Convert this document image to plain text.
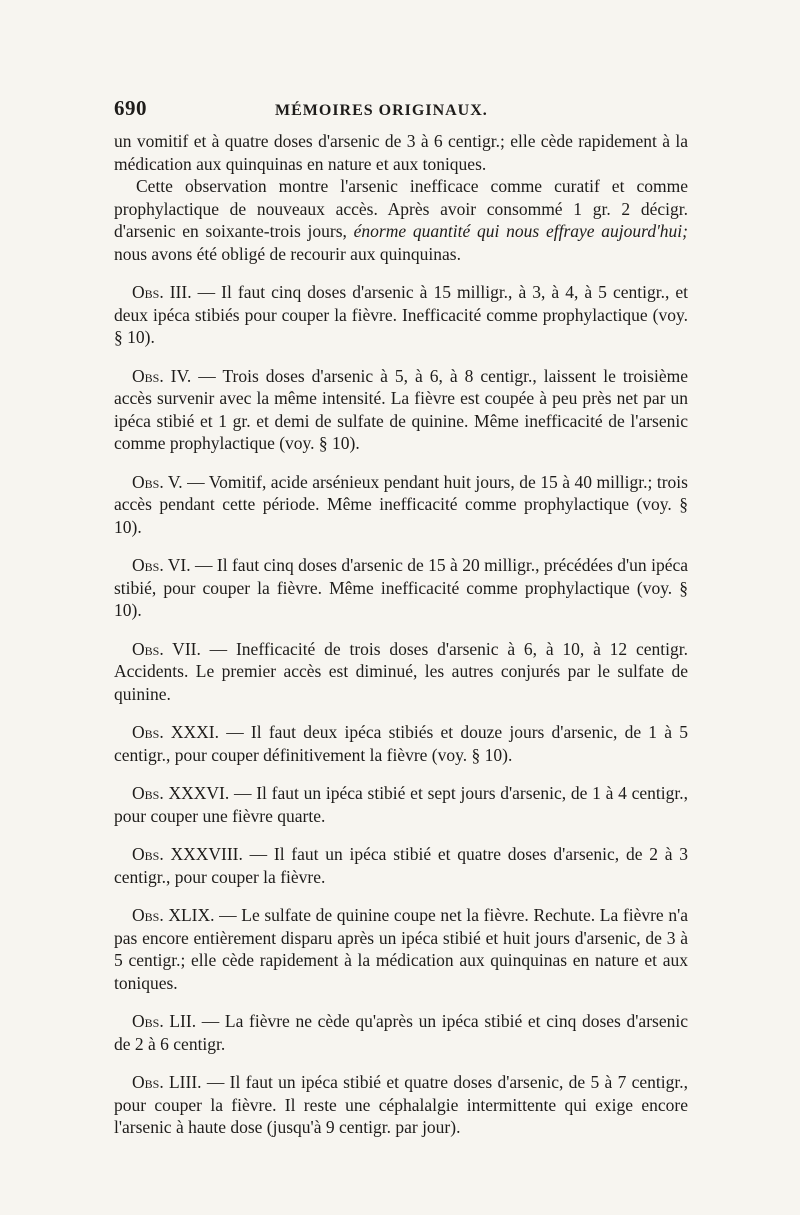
690	MÉMOIRES ORIGINAUX.

un vomitif et à quatre doses d'arsenic de 3 à 6 centigr.; elle cède rapidement à la médication aux quinquinas en nature et aux toniques.

Cette observation montre l'arsenic inefficace comme curatif et comme prophylactique de nouveaux accès. Après avoir consommé 1 gr. 2 décigr. d'arsenic en soixante-trois jours, énorme quantité qui nous effraye aujourd'hui; nous avons été obligé de recourir aux quinquinas.

Obs. III. — Il faut cinq doses d'arsenic à 15 milligr., à 3, à 4, à 5 centigr., et deux ipéca stibiés pour couper la fièvre. Inefficacité comme prophylactique (voy. § 10).

Obs. IV. — Trois doses d'arsenic à 5, à 6, à 8 centigr., laissent le troisième accès survenir avec la même intensité. La fièvre est coupée à peu près net par un ipéca stibié et 1 gr. et demi de sulfate de quinine. Même inefficacité de l'arsenic comme prophylactique (voy. § 10).

Obs. V. — Vomitif, acide arsénieux pendant huit jours, de 15 à 40 milligr.; trois accès pendant cette période. Même inefficacité comme prophylactique (voy. § 10).

Obs. VI. — Il faut cinq doses d'arsenic de 15 à 20 milligr., précédées d'un ipéca stibié, pour couper la fièvre. Même inefficacité comme prophylactique (voy. § 10).

Obs. VII. — Inefficacité de trois doses d'arsenic à 6, à 10, à 12 centigr. Accidents. Le premier accès est diminué, les autres conjurés par le sulfate de quinine.

Obs. XXXI. — Il faut deux ipéca stibiés et douze jours d'arsenic, de 1 à 5 centigr., pour couper définitivement la fièvre (voy. § 10).

Obs. XXXVI. — Il faut un ipéca stibié et sept jours d'arsenic, de 1 à 4 centigr., pour couper une fièvre quarte.

Obs. XXXVIII. — Il faut un ipéca stibié et quatre doses d'arsenic, de 2 à 3 centigr., pour couper la fièvre.

Obs. XLIX. — Le sulfate de quinine coupe net la fièvre. Rechute. La fièvre n'a pas encore entièrement disparu après un ipéca stibié et huit jours d'arsenic, de 3 à 5 centigr.; elle cède rapidement à la médication aux quinquinas en nature et aux toniques.

Obs. LII. — La fièvre ne cède qu'après un ipéca stibié et cinq doses d'arsenic de 2 à 6 centigr.

Obs. LIII. — Il faut un ipéca stibié et quatre doses d'arsenic, de 5 à 7 centigr., pour couper la fièvre. Il reste une céphalalgie intermittente qui exige encore l'arsenic à haute dose (jusqu'à 9 centigr. par jour).
